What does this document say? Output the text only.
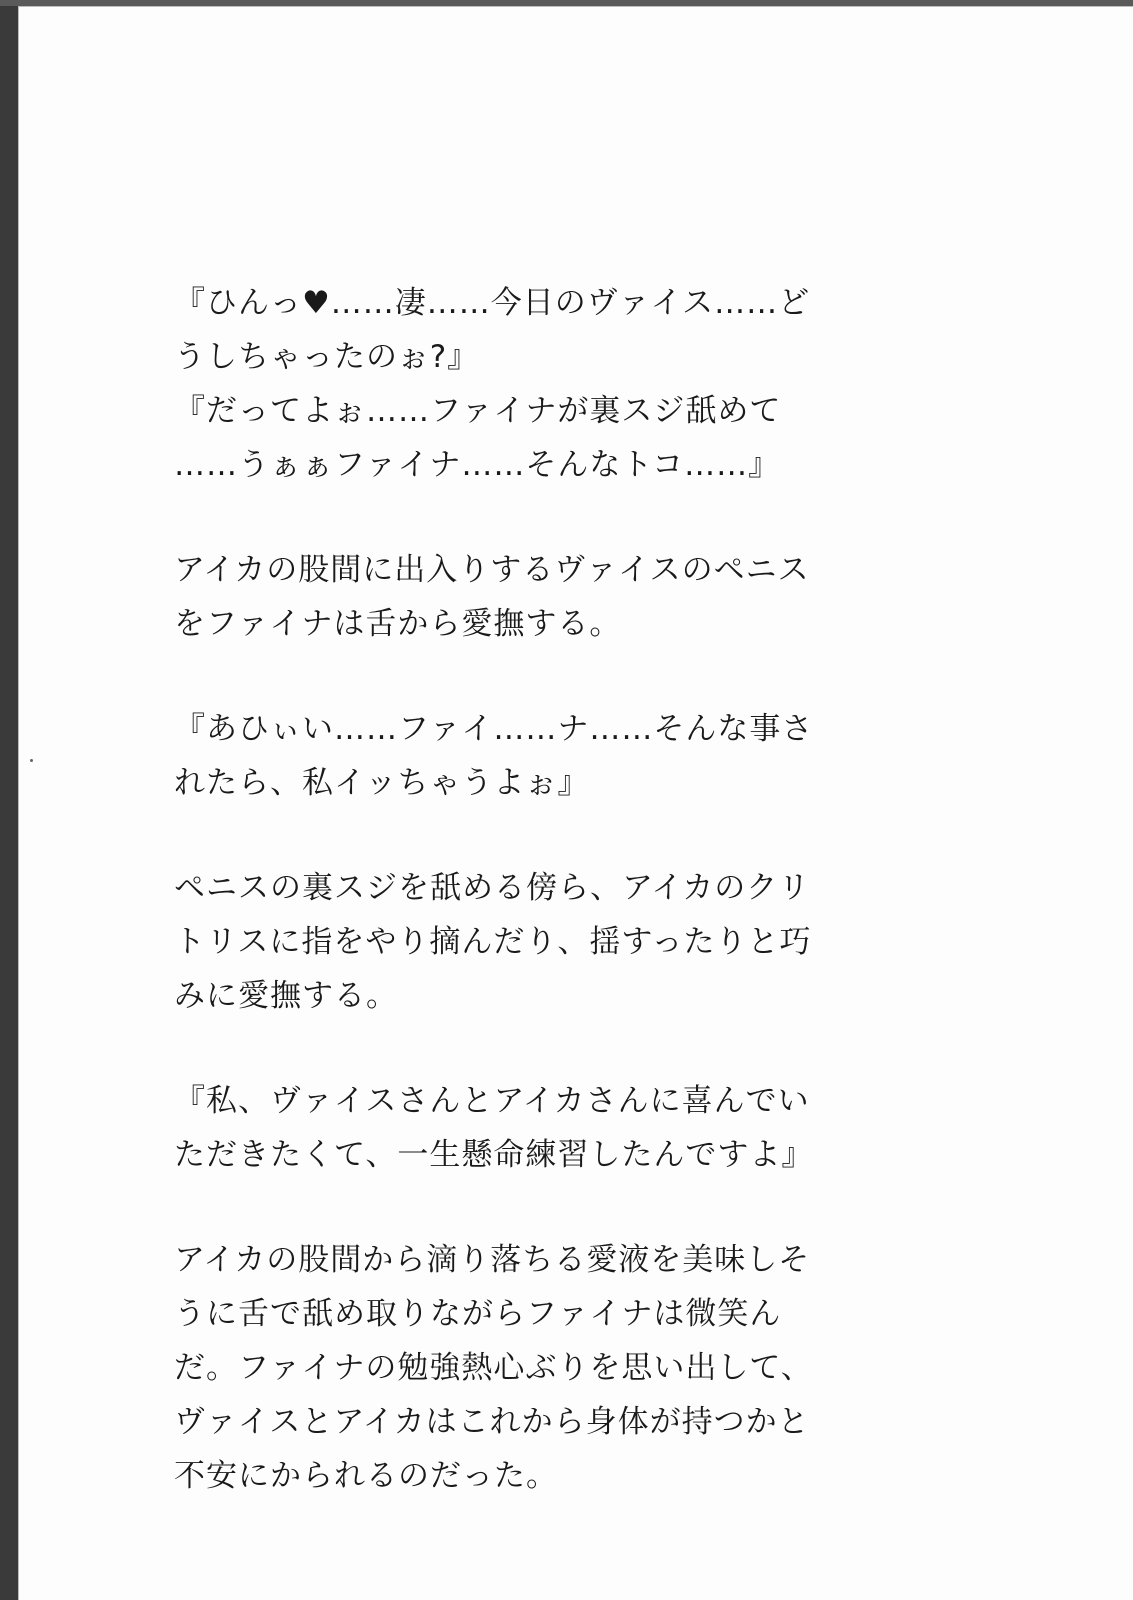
『ひんっ♥……凄……今日のヴァイス……ど
うしちゃったのぉ?』
『だってよぉ……ファイナが裏スジ舐めて
……うぁぁファイナ……そんなトコ……』
アイカの股間に出入りするヴァイスのペニス
をファイナは舌から愛撫する。
『あひぃい……ファイ……ナ……そんな事さ
れたら、私イッちゃうよぉ』
ペニスの裏スジを舐める傍ら、アイカのクリ
トリスに指をやり摘んだり、揺すったりと巧
みに愛撫する。
『私、ヴァイスさんとアイカさんに喜んでい
ただきたくて、一生懸命練習したんですよ』
アイカの股間から滴り落ちる愛液を美味しそ
うに舌で舐め取りながらファイナは微笑ん
だ。ファイナの勉強熱心ぶりを思い出して、
ヴァイスとアイカはこれから身体が持つかと
不安にかられるのだった。
